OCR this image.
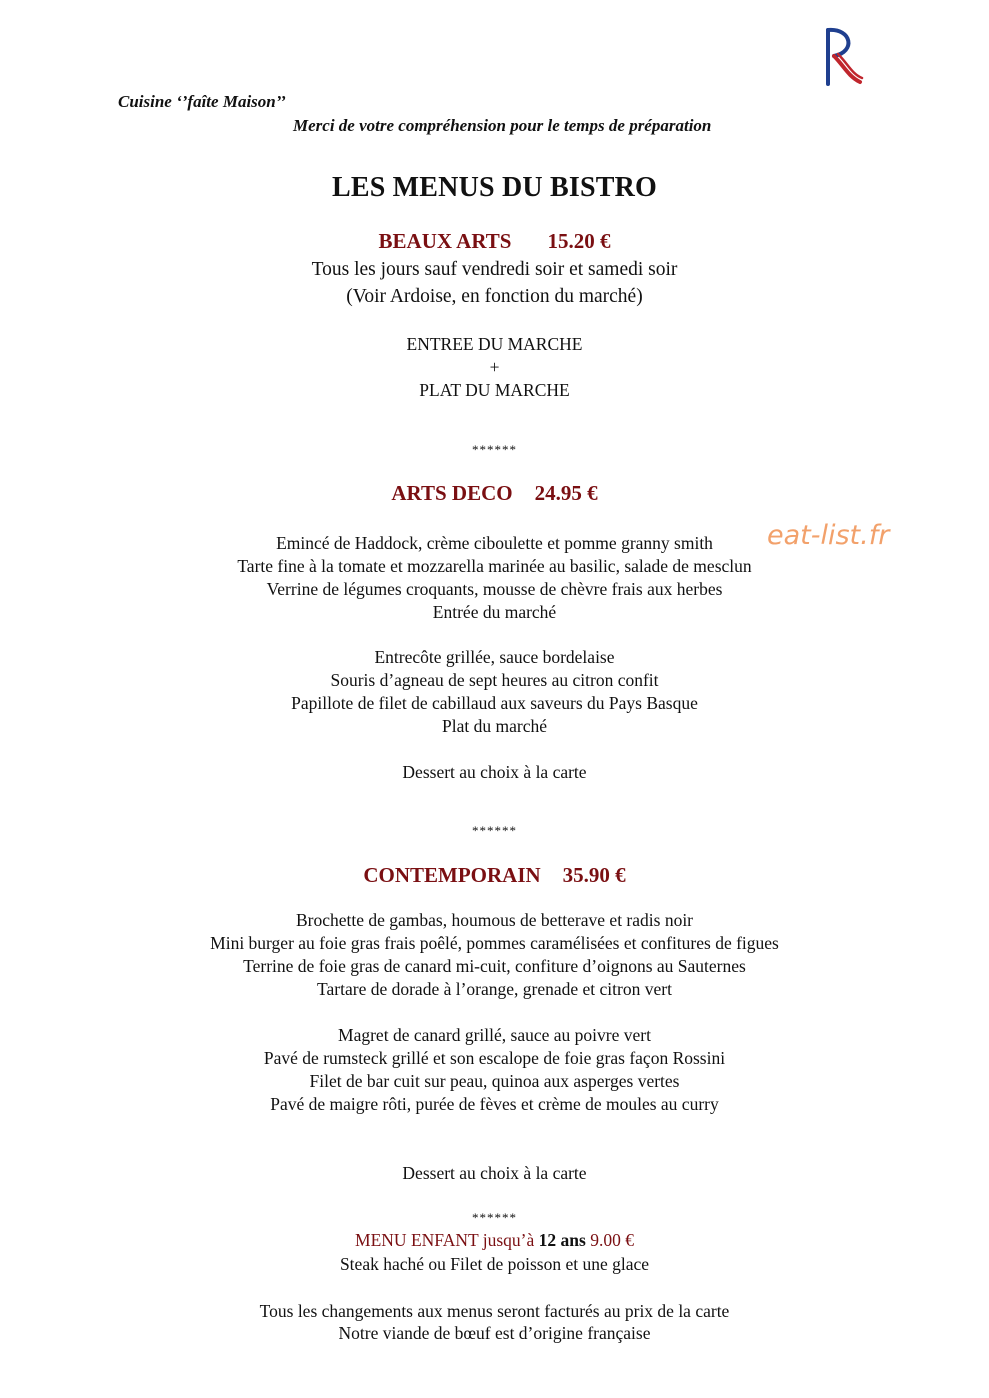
Cuisine ‘’faîte Maison’’
Merci de votre compréhension pour le temps de préparation
LES MENUS DU BISTRO
BEAUX ARTS 15.20 €
Tous les jours sauf vendredi soir et samedi soir
(Voir Ardoise, en fonction du marché)
ENTREE DU MARCHE
+
PLAT DU MARCHE
******
ARTS DECO 24.95 €
Emincé de Haddock, crème ciboulette et pomme granny smith
Tarte fine à la tomate et mozzarella marinée au basilic, salade de mesclun
Verrine de légumes croquants, mousse de chèvre frais aux herbes
Entrée du marché
Entrecôte grillée, sauce bordelaise
Souris d’agneau de sept heures au citron confit
Papillote de filet de cabillaud aux saveurs du Pays Basque
Plat du marché
Dessert au choix à la carte
******
CONTEMPORAIN 35.90 €
Brochette de gambas, houmous de betterave et radis noir
Mini burger au foie gras frais poêlé, pommes caramélisées et confitures de figues
Terrine de foie gras de canard mi-cuit, confiture d’oignons au Sauternes
Tartare de dorade à l’orange, grenade et citron vert
Magret de canard grillé, sauce au poivre vert
Pavé de rumsteck grillé et son escalope de foie gras façon Rossini
Filet de bar cuit sur peau, quinoa aux asperges vertes
Pavé de maigre rôti, purée de fèves et crème de moules au curry
Dessert au choix à la carte
******
MENU ENFANT jusqu’à 12 ans 9.00 €
Steak haché ou Filet de poisson et une glace
Tous les changements aux menus seront facturés au prix de la carte
Notre viande de bœuf est d’origine française
eat-list.fr
